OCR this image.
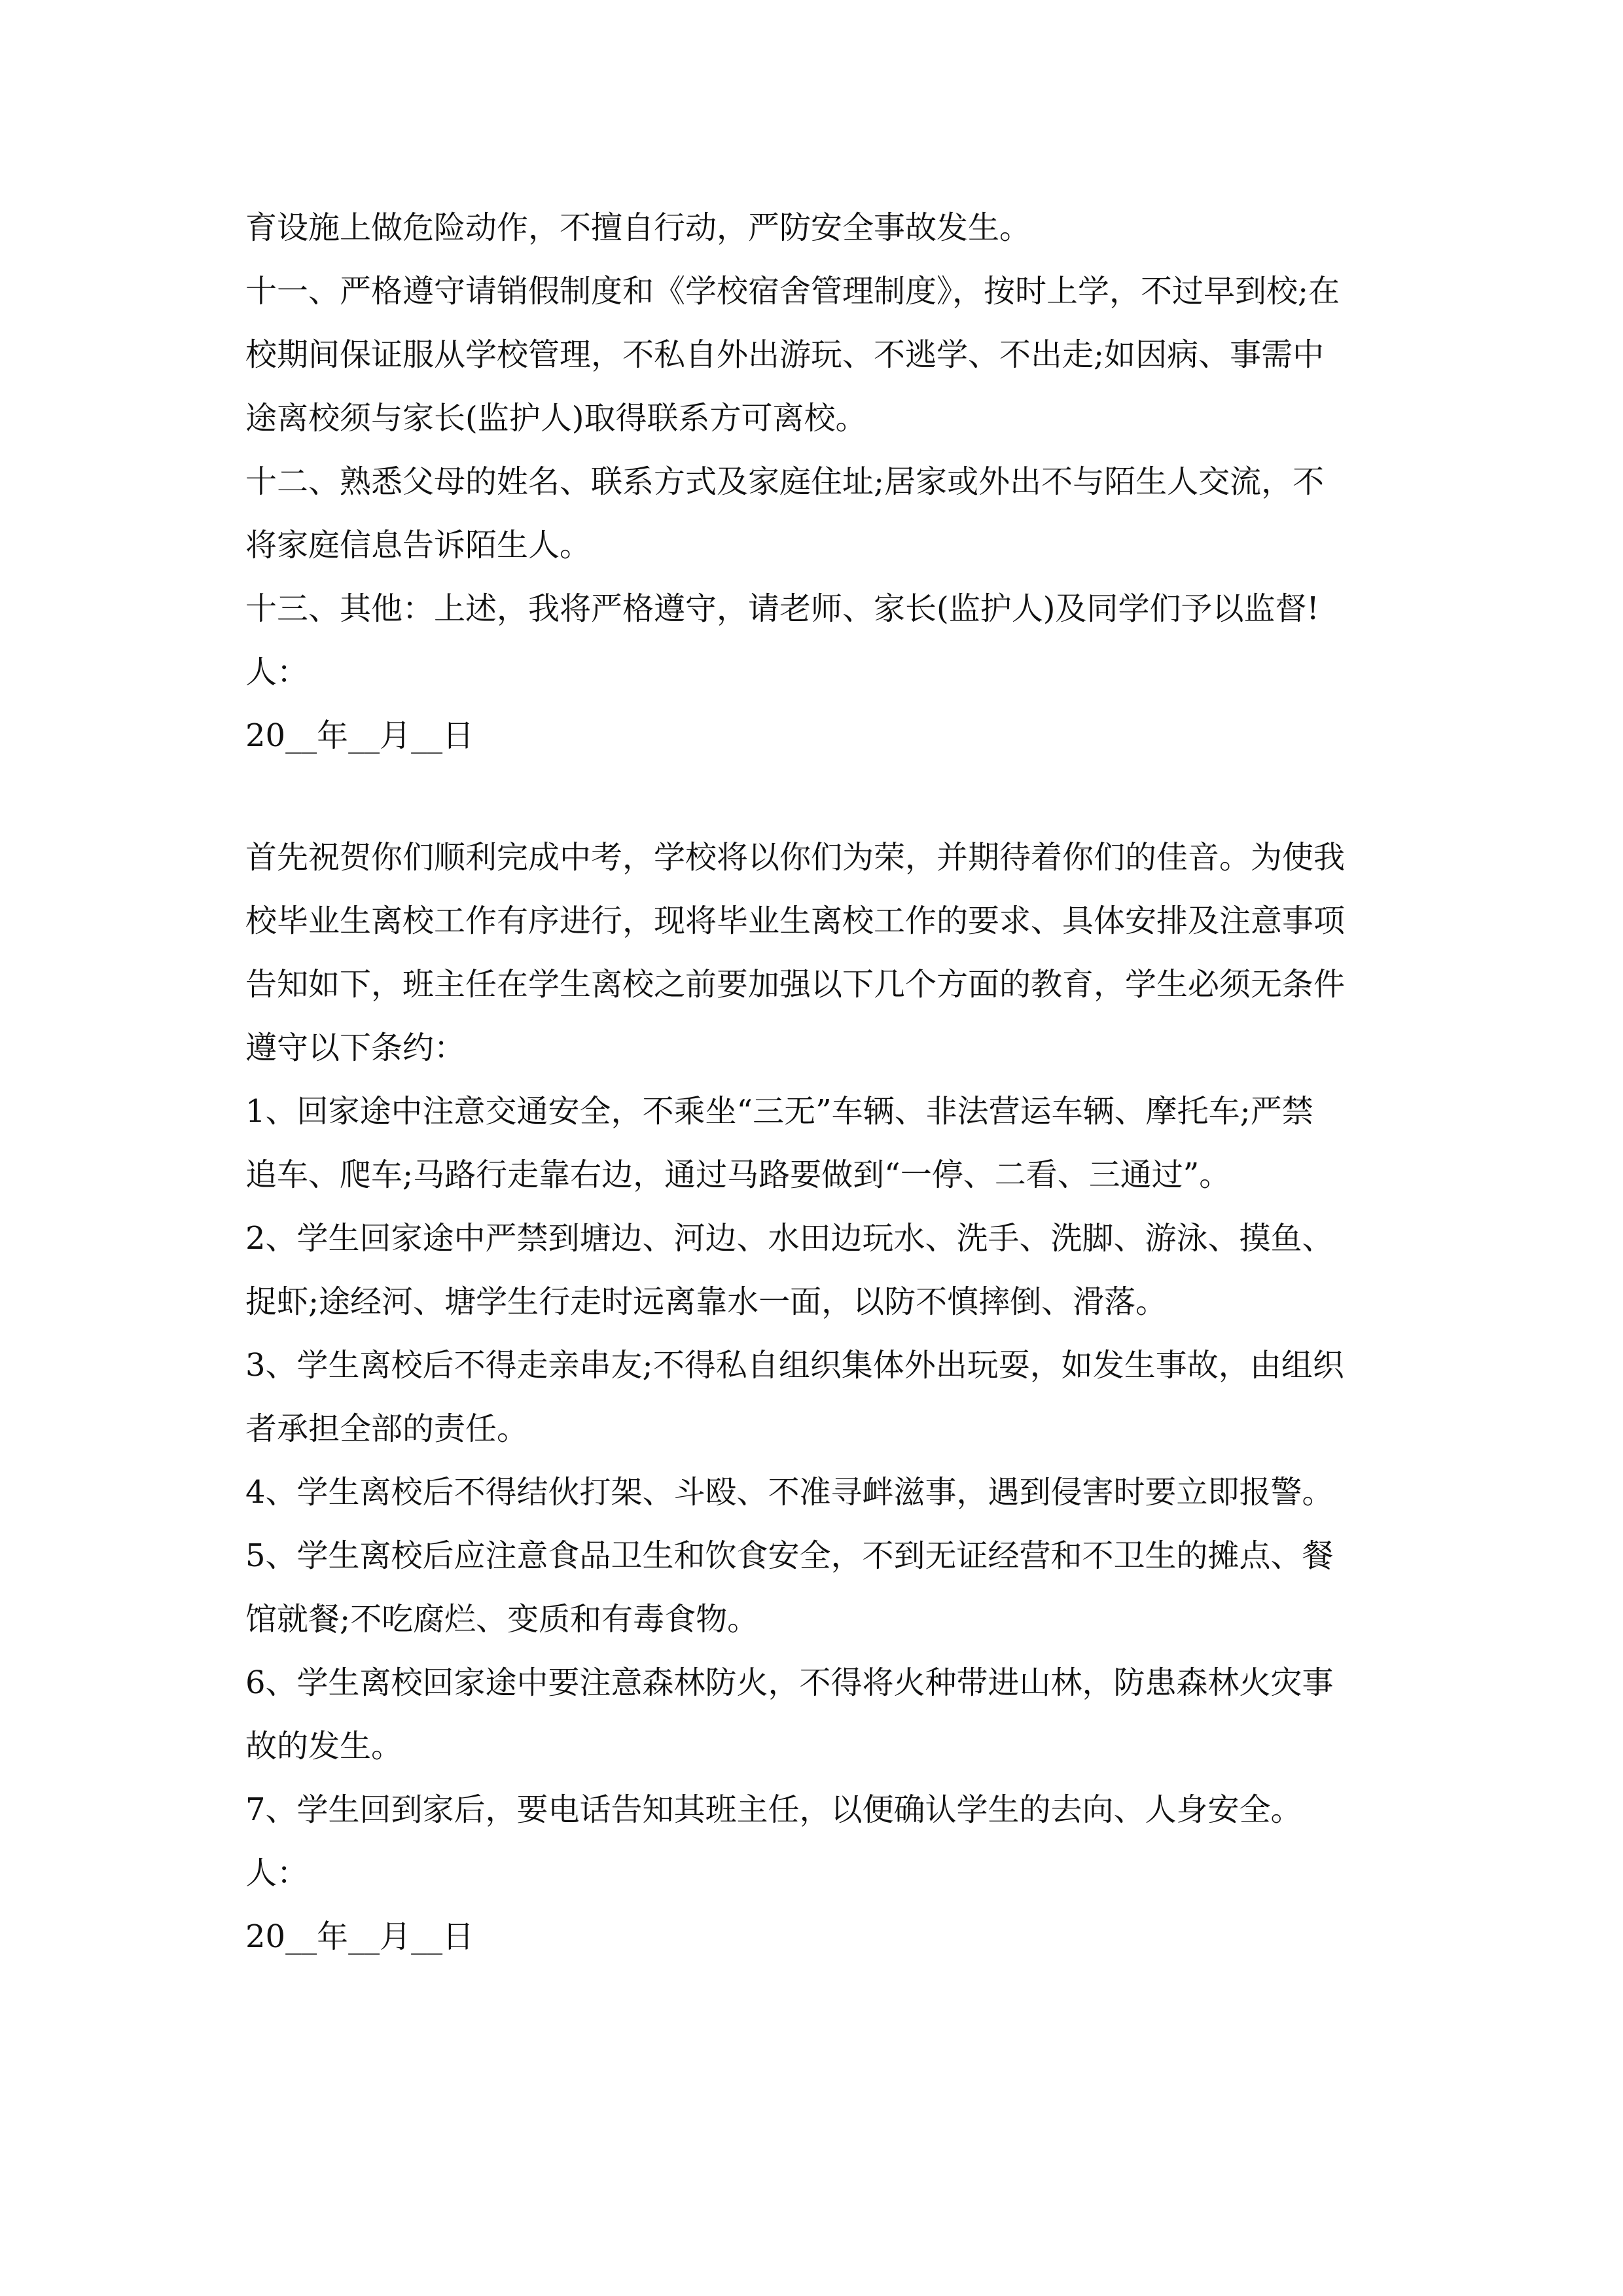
育设施上做危险动作，不擅自行动，严防安全事故发生。
十一、严格遵守请销假制度和《学校宿舍管理制度》，按时上学，不过早到校;在
校期间保证服从学校管理，不私自外出游玩、不逃学、不出走;如因病、事需中
途离校须与家长(监护人)取得联系方可离校。
十二、熟悉父母的姓名、联系方式及家庭住址;居家或外出不与陌生人交流，不
将家庭信息告诉陌生人。
十三、其他：上述，我将严格遵守，请老师、家长(监护人)及同学们予以监督!
人：
20__年__月__日
首先祝贺你们顺利完成中考，学校将以你们为荣，并期待着你们的佳音。为使我
校毕业生离校工作有序进行，现将毕业生离校工作的要求、具体安排及注意事项
告知如下，班主任在学生离校之前要加强以下几个方面的教育，学生必须无条件
遵守以下条约：
1、回家途中注意交通安全，不乘坐“三无”车辆、非法营运车辆、摩托车;严禁
追车、爬车;马路行走靠右边，通过马路要做到“一停、二看、三通过”。
2、学生回家途中严禁到塘边、河边、水田边玩水、洗手、洗脚、游泳、摸鱼、
捉虾;途经河、塘学生行走时远离靠水一面，以防不慎摔倒、滑落。
3、学生离校后不得走亲串友;不得私自组织集体外出玩耍，如发生事故，由组织
者承担全部的责任。
4、学生离校后不得结伙打架、斗殴、不准寻衅滋事，遇到侵害时要立即报警。
5、学生离校后应注意食品卫生和饮食安全，不到无证经营和不卫生的摊点、餐
馆就餐;不吃腐烂、变质和有毒食物。
6、学生离校回家途中要注意森林防火，不得将火种带进山林，防患森林火灾事
故的发生。
7、学生回到家后，要电话告知其班主任，以便确认学生的去向、人身安全。
人：
20__年__月__日
